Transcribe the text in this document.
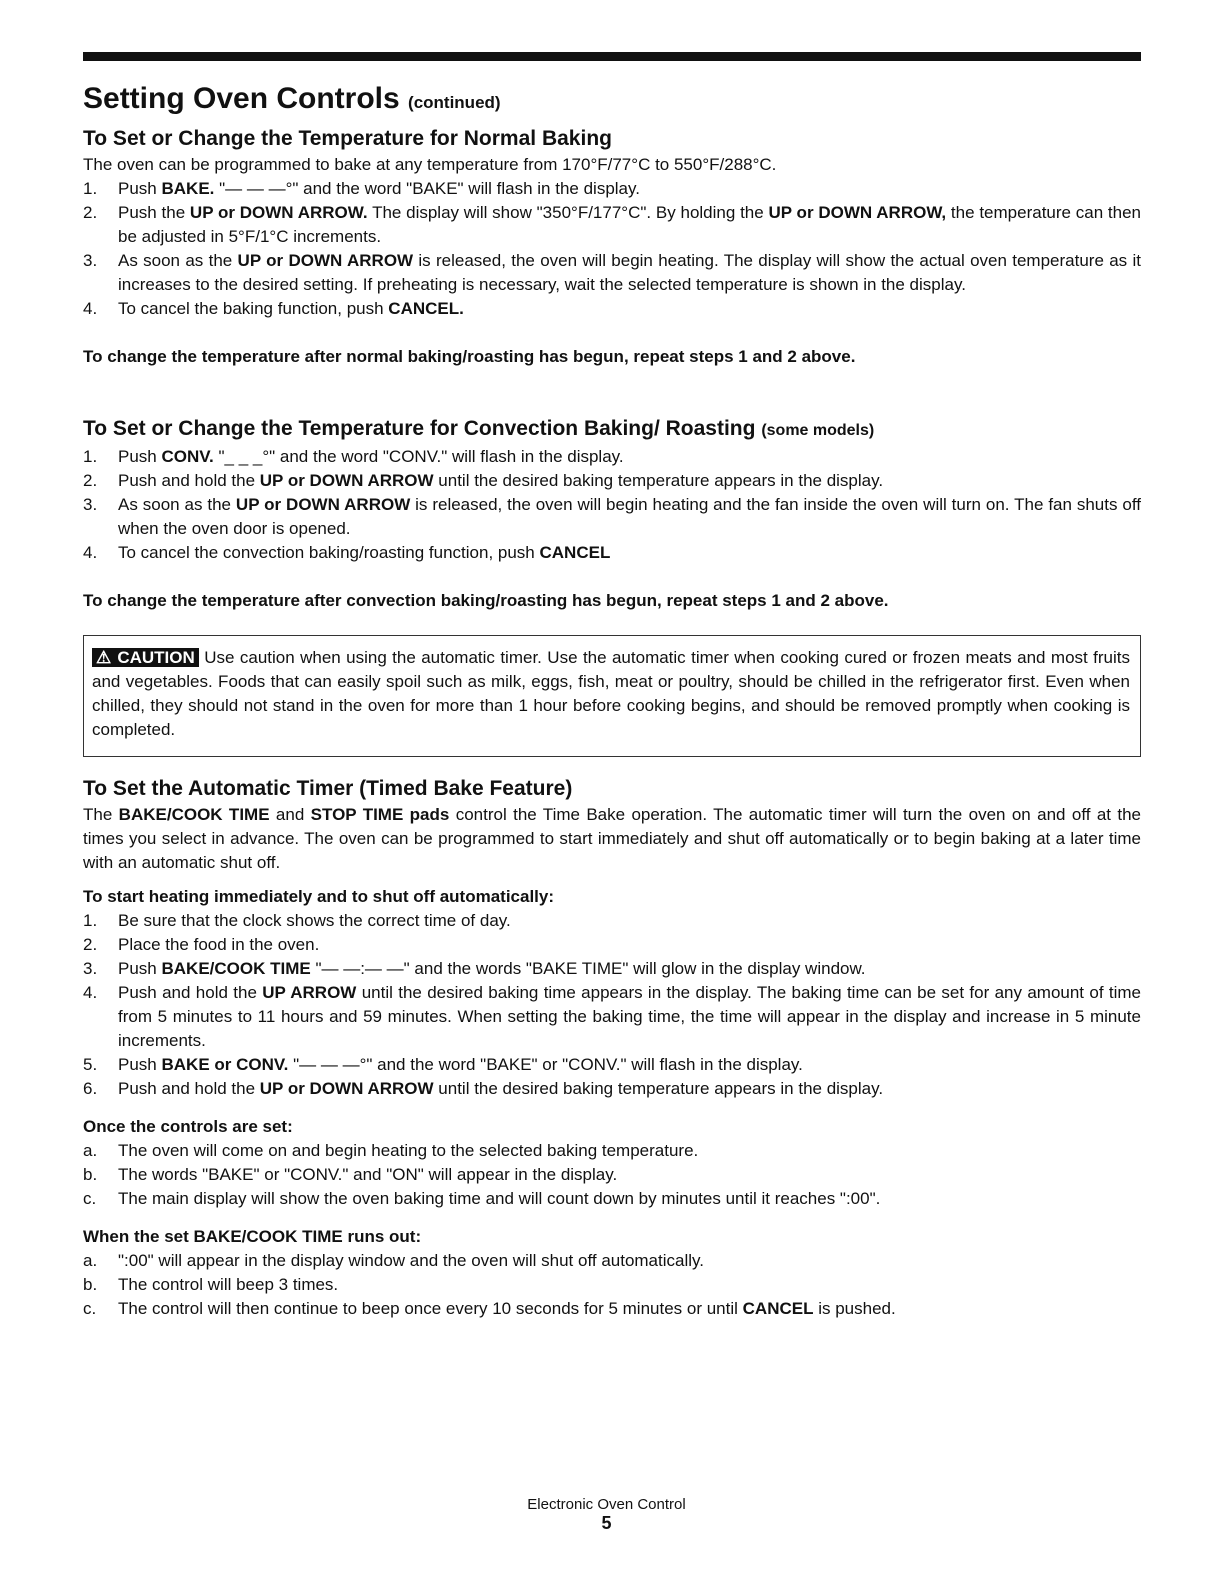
Setting Oven Controls (continued)
To Set or Change the Temperature for Normal Baking

The oven can be programmed to bake at any temperature from 170°F/77°C to 550°F/288°C.

1.	Push BAKE. "— — —°" and the word "BAKE" will flash in the display.
2.	Push the UP or DOWN ARROW. The display will show "350°F/177°C". By holding the UP or DOWN ARROW, the temperature can then be adjusted in 5°F/1°C increments.
3.	As soon as the UP or DOWN ARROW is released, the oven will begin heating. The display will show the actual oven temperature as it increases to the desired setting. If preheating is necessary, wait the selected temperature is shown in the display.
4.	To cancel the baking function, push CANCEL.

To change the temperature after normal baking/roasting has begun, repeat steps 1 and 2 above.

To Set or Change the Temperature for Convection Baking/ Roasting (some models)
1.	Push CONV. "_ _ _°" and the word "CONV." will flash in the display.
2.	Push and hold the UP or DOWN ARROW until the desired baking temperature appears in the display.
3.	As soon as the UP or DOWN ARROW is released, the oven will begin heating and the fan inside the oven will turn on. The fan shuts off when the oven door is opened.
4.	To cancel the convection baking/roasting function, push CANCEL

To change the temperature after convection baking/roasting has begun, repeat steps 1 and 2 above.

⚠ CAUTION Use caution when using the automatic timer. Use the automatic timer when cooking cured or frozen meats and most fruits and vegetables. Foods that can easily spoil such as milk, eggs, fish, meat or poultry, should be chilled in the refrigerator first. Even when chilled, they should not stand in the oven for more than 1 hour before cooking begins, and should be removed promptly when cooking is completed.
To Set the Automatic Timer (Timed Bake Feature)

The BAKE/COOK TIME and STOP TIME pads control the Time Bake operation. The automatic timer will turn the oven on and off at the times you select in advance. The oven can be programmed to start immediately and shut off automatically or to begin baking at a later time with an automatic shut off.

To start heating immediately and to shut off automatically:

1.	Be sure that the clock shows the correct time of day.
2.	Place the food in the oven.
3.	Push BAKE/COOK TIME "— —:— —" and the words "BAKE TIME" will glow in the display window.
4.	Push and hold the UP ARROW until the desired baking time appears in the display. The baking time can be set for any amount of time from 5 minutes to 11 hours and 59 minutes. When setting the baking time, the time will appear in the display and increase in 5 minute increments.
5.	Push BAKE or CONV. "— — —°" and the word "BAKE" or "CONV." will flash in the display.
6.	Push and hold the UP or DOWN ARROW until the desired baking temperature appears in the display.

Once the controls are set:

a.	The oven will come on and begin heating to the selected baking temperature.
b.	The words "BAKE" or "CONV." and "ON" will appear in the display.
c.	The main display will show the oven baking time and will count down by minutes until it reaches ":00".

When the set BAKE/COOK TIME runs out:

a.	":00" will appear in the display window and the oven will shut off automatically.
b.	The control will beep 3 times.
c.	The control will then continue to beep once every 10 seconds for 5 minutes or until CANCEL is pushed.
Electronic Oven Control
5
